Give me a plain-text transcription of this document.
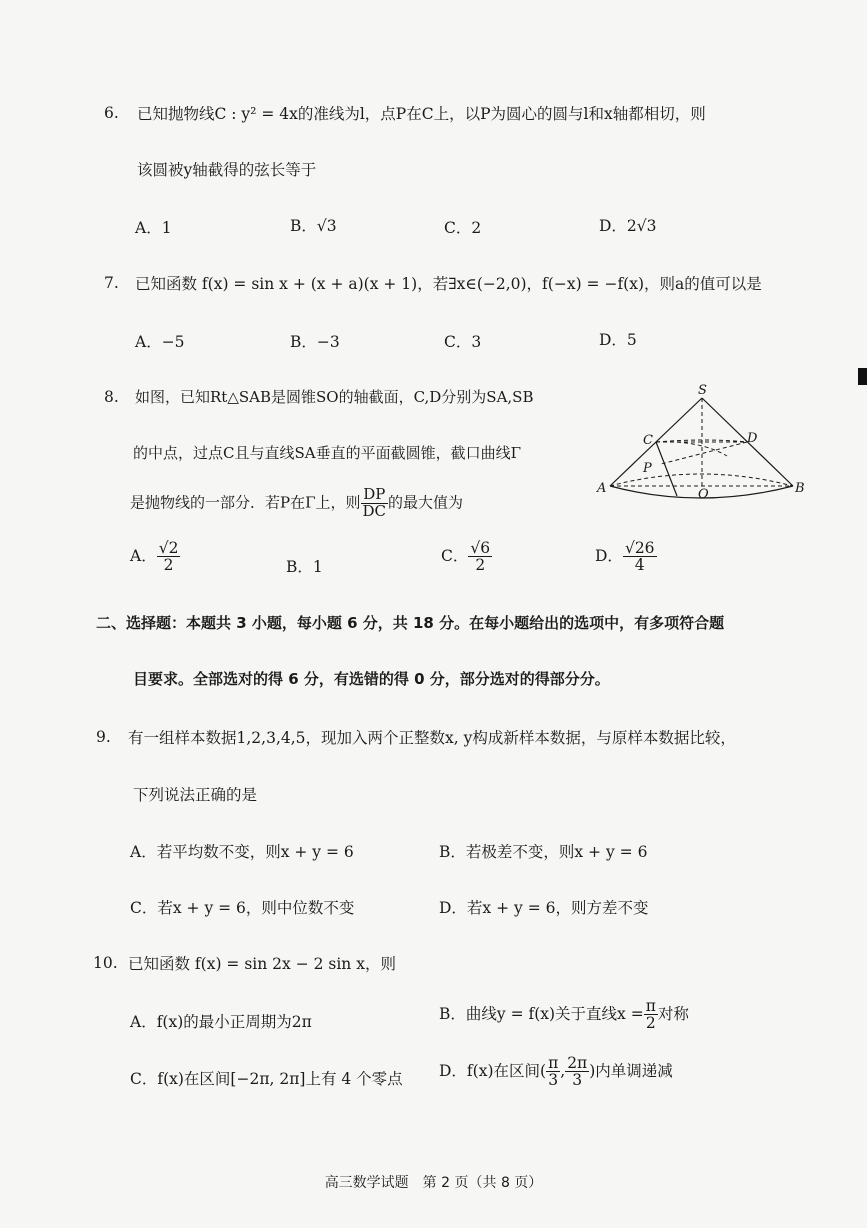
6. 已知抛物线C : y² = 4x的准线为l，点P在C上，以P为圆心的圆与l和x轴都相切，则
该圆被y轴截得的弦长等于
A．1	B．√3	C．2	D．2√3
7. 已知函数 f(x) = sin x + (x + a)(x + 1)，若∃x∈(−2,0)，f(−x) = −f(x)，则a的值可以是
A．−5	B．−3	C．3	D．5
8. 如图，已知Rt△SAB是圆锥SO的轴截面，C,D分别为SA,SB
的中点，过点C且与直线SA垂直的平面截圆锥，截口曲线Γ
是抛物线的一部分．若P在Γ上，则 $\frac{DP}{DC}$ 的最大值为
S
C	D
P
A	O	B
A． $\frac{√2}{2}$	B．1
C． $\frac{√6}{2}$	D． $\frac{√26}{4}$
二、选择题：本题共 3 小题，每小题 6 分，共 18 分。在每小题给出的选项中，有多项符合题
目要求。全部选对的得 6 分，有选错的得 0 分，部分选对的得部分分。
9. 有一组样本数据1,2,3,4,5，现加入两个正整数x, y构成新样本数据，与原样本数据比较，
下列说法正确的是
A．若平均数不变，则x + y = 6	B．若极差不变，则x + y = 6
C．若x + y = 6，则中位数不变	D．若x + y = 6，则方差不变
10. 已知函数 f(x) = sin 2x − 2 sin x，则
A．f(x)的最小正周期为2π	B．曲线y = f(x)关于直线$x = \frac{\pi}{2}$ 对称
C．f(x)在区间[−2π, 2π]上有 4 个零点 D．f(x)在区间( $\frac{\pi}{3}$ , $\frac{2\pi}{3}$ )内单调递减
高三数学试题　第 2 页（共 8 页）
